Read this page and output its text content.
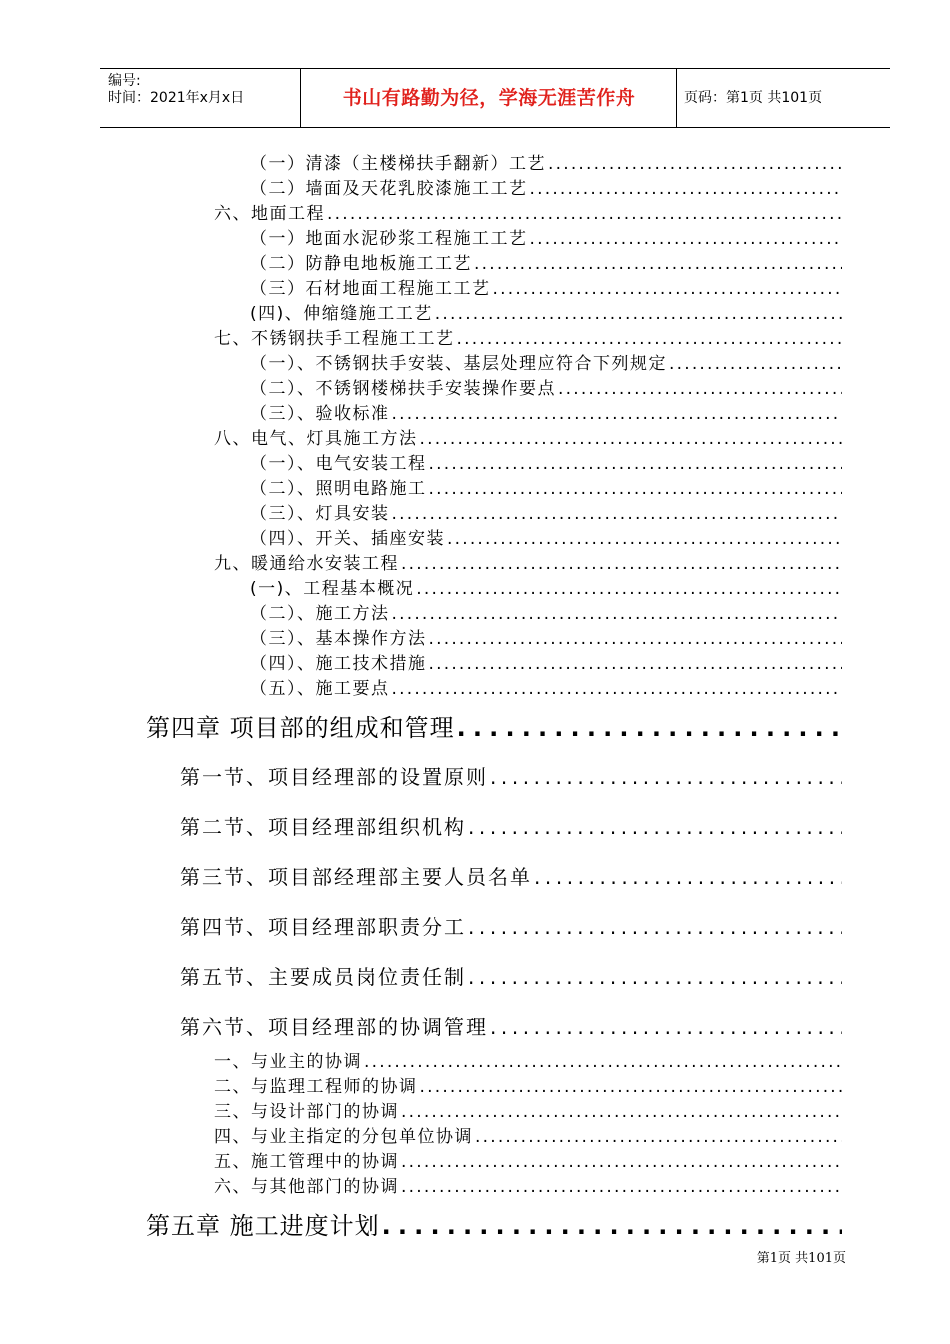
编号:
时间：2021年x月x日	书山有路勤为径，学海无涯苦作舟	页码：第1页 共101页
（一）清漆（主楼梯扶手翻新）工艺
. . .
（二）墙面及天花乳胶漆施工工艺
. . .
六、地面工程
. . .
（一）地面水泥砂浆工程施工工艺
. . .
（二）防静电地板施工工艺
. . .
（三）石材地面工程施工工艺
. . .
(四)、伸缩缝施工工艺
. . .
七、不锈钢扶手工程施工工艺
. . .
（一）、不锈钢扶手安装、基层处理应符合下列规定
. . .
（二）、不锈钢楼梯扶手安装操作要点
. . .
（三）、验收标准
. . .
八、电气、灯具施工方法
. . .
（一）、电气安装工程
. . .
（二）、照明电路施工
. . .
（三）、灯具安装
. . .
（四）、开关、插座安装
. . .
九、暖通给水安装工程
. . .
(一)、工程基本概况
. . .
（二）、施工方法
. . .
（三）、基本操作方法
. . .
（四）、施工技术措施
. . .
（五）、施工要点
. . .
第四章 项目部的组成和管理
. . .
第一节、项目经理部的设置原则
. . .
第二节、项目经理部组织机构
. . .
第三节、项目部经理部主要人员名单
. . .
第四节、项目经理部职责分工
. . .
第五节、主要成员岗位责任制
. . .
第六节、项目经理部的协调管理
. . .
一、与业主的协调
. . .
二、与监理工程师的协调
. . .
三、与设计部门的协调
. . .
四、与业主指定的分包单位协调
. . .
五、施工管理中的协调
. . .
六、与其他部门的协调
. . .
第五章 施工进度计划
. . .
第1页 共101页
